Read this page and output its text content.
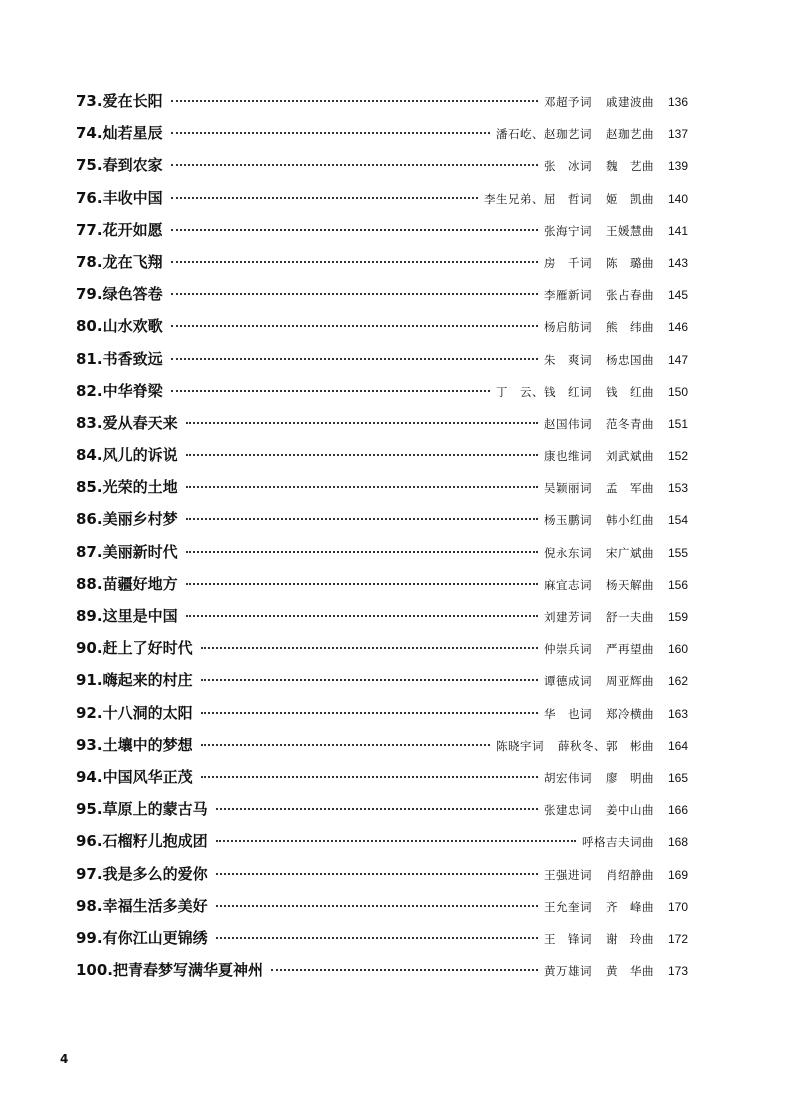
73.爱在长阳	邓超予词 戚建波曲	136
74.灿若星辰	潘石屹、赵珈艺词 赵珈艺曲	137
75.春到农家	张　冰词 魏　艺曲	139
76.丰收中国	李生兄弟、屈　哲词 姬　凯曲	140
77.花开如愿	张海宁词 王媛慧曲	141
78.龙在飞翔	房　千词 陈　璐曲	143
79.绿色答卷	李雁新词 张占春曲	145
80.山水欢歌	杨启舫词 熊　纬曲	146
81.书香致远	朱　爽词 杨忠国曲	147
82.中华脊梁	丁　云、钱　红词 钱　红曲	150
83.爱从春天来	赵国伟词 范冬青曲	151
84.风儿的诉说	康也维词 刘武斌曲	152
85.光荣的土地	吴颖丽词 孟　军曲	153
86.美丽乡村梦	杨玉鹏词 韩小红曲	154
87.美丽新时代	倪永东词 宋广斌曲	155
88.苗疆好地方	麻宜志词 杨天解曲	156
89.这里是中国	刘建芳词 舒一夫曲	159
90.赶上了好时代	仲崇兵词 严再望曲	160
91.嗨起来的村庄	谭德成词 周亚辉曲	162
92.十八洞的太阳	华　也词 郑冷横曲	163
93.土壤中的梦想	陈晓宇词 薛秋冬、郭　彬曲	164
94.中国风华正茂	胡宏伟词 廖　明曲	165
95.草原上的蒙古马	张建忠词 姜中山曲	166
96.石榴籽儿抱成团	呼格吉夫词曲	168
97.我是多么的爱你	王强进词 肖绍静曲	169
98.幸福生活多美好	王允奎词 齐　峰曲	170
99.有你江山更锦绣	王　锋词 谢　玲曲	172
100.把青春梦写满华夏神州	黄万雄词 黄　华曲	173
4
